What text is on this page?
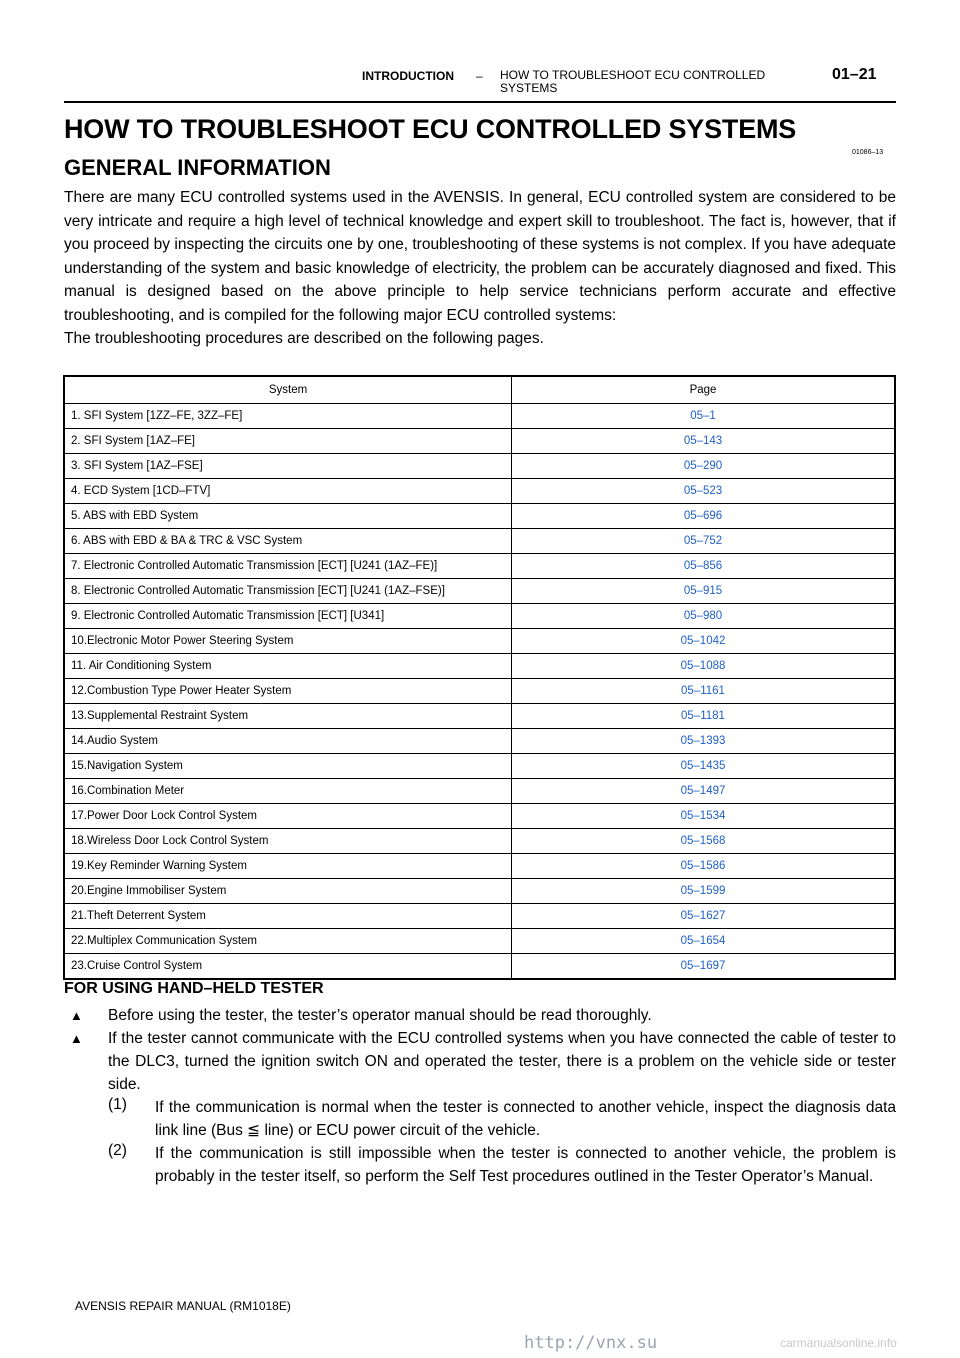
INTRODUCTION – HOW TO TROUBLESHOOT ECU CONTROLLED SYSTEMS
01–21
HOW TO TROUBLESHOOT ECU CONTROLLED SYSTEMS
01086–13
GENERAL INFORMATION

There are many ECU controlled systems used in the AVENSIS. In general, ECU controlled system are considered to be very intricate and require a high level of technical knowledge and expert skill to troubleshoot. The fact is, however, that if you proceed by inspecting the circuits one by one, troubleshooting of these systems is not complex. If you have adequate understanding of the system and basic knowledge of electricity, the problem can be accurately diagnosed and fixed. This manual is designed based on the above principle to help service technicians perform accurate and effective troubleshooting, and is compiled for the following major ECU controlled systems:

The troubleshooting procedures are described on the following pages.

System	Page
1. SFI System [1ZZ–FE, 3ZZ–FE]	05–1
2. SFI System [1AZ–FE]	05–143
3. SFI System [1AZ–FSE]	05–290
4. ECD System [1CD–FTV]	05–523
5. ABS with EBD System	05–696
6. ABS with EBD & BA & TRC & VSC System	05–752
7. Electronic Controlled Automatic Transmission [ECT] [U241 (1AZ–FE)]	05–856
8. Electronic Controlled Automatic Transmission [ECT] [U241 (1AZ–FSE)]	05–915
9. Electronic Controlled Automatic Transmission [ECT] [U341]	05–980
10.Electronic Motor Power Steering System	05–1042
11. Air Conditioning System	05–1088
12.Combustion Type Power Heater System	05–1161
13.Supplemental Restraint System	05–1181
14.Audio System	05–1393
15.Navigation System	05–1435
16.Combination Meter	05–1497
17.Power Door Lock Control System	05–1534
18.Wireless Door Lock Control System	05–1568
19.Key Reminder Warning System	05–1586
20.Engine Immobiliser System	05–1599
21.Theft Deterrent System	05–1627
22.Multiplex Communication System	05–1654
23.Cruise Control System	05–1697
FOR USING HAND–HELD TESTER
▲ Before using the tester, the tester’s operator manual should be read thoroughly.
▲ If the tester cannot communicate with the ECU controlled systems when you have connected the cable of tester to the DLC3, turned the ignition switch ON and operated the tester, there is a problem on the vehicle side or tester side.
(1) If the communication is normal when the tester is connected to another vehicle, inspect the diagnosis data link line (Bus ≦ line) or ECU power circuit of the vehicle.
(2) If the communication is still impossible when the tester is connected to another vehicle, the problem is probably in the tester itself, so perform the Self Test procedures outlined in the Tester Operator’s Manual.
AVENSIS REPAIR MANUAL (RM1018E)
http://vnx.su	carmanualsonline.info
